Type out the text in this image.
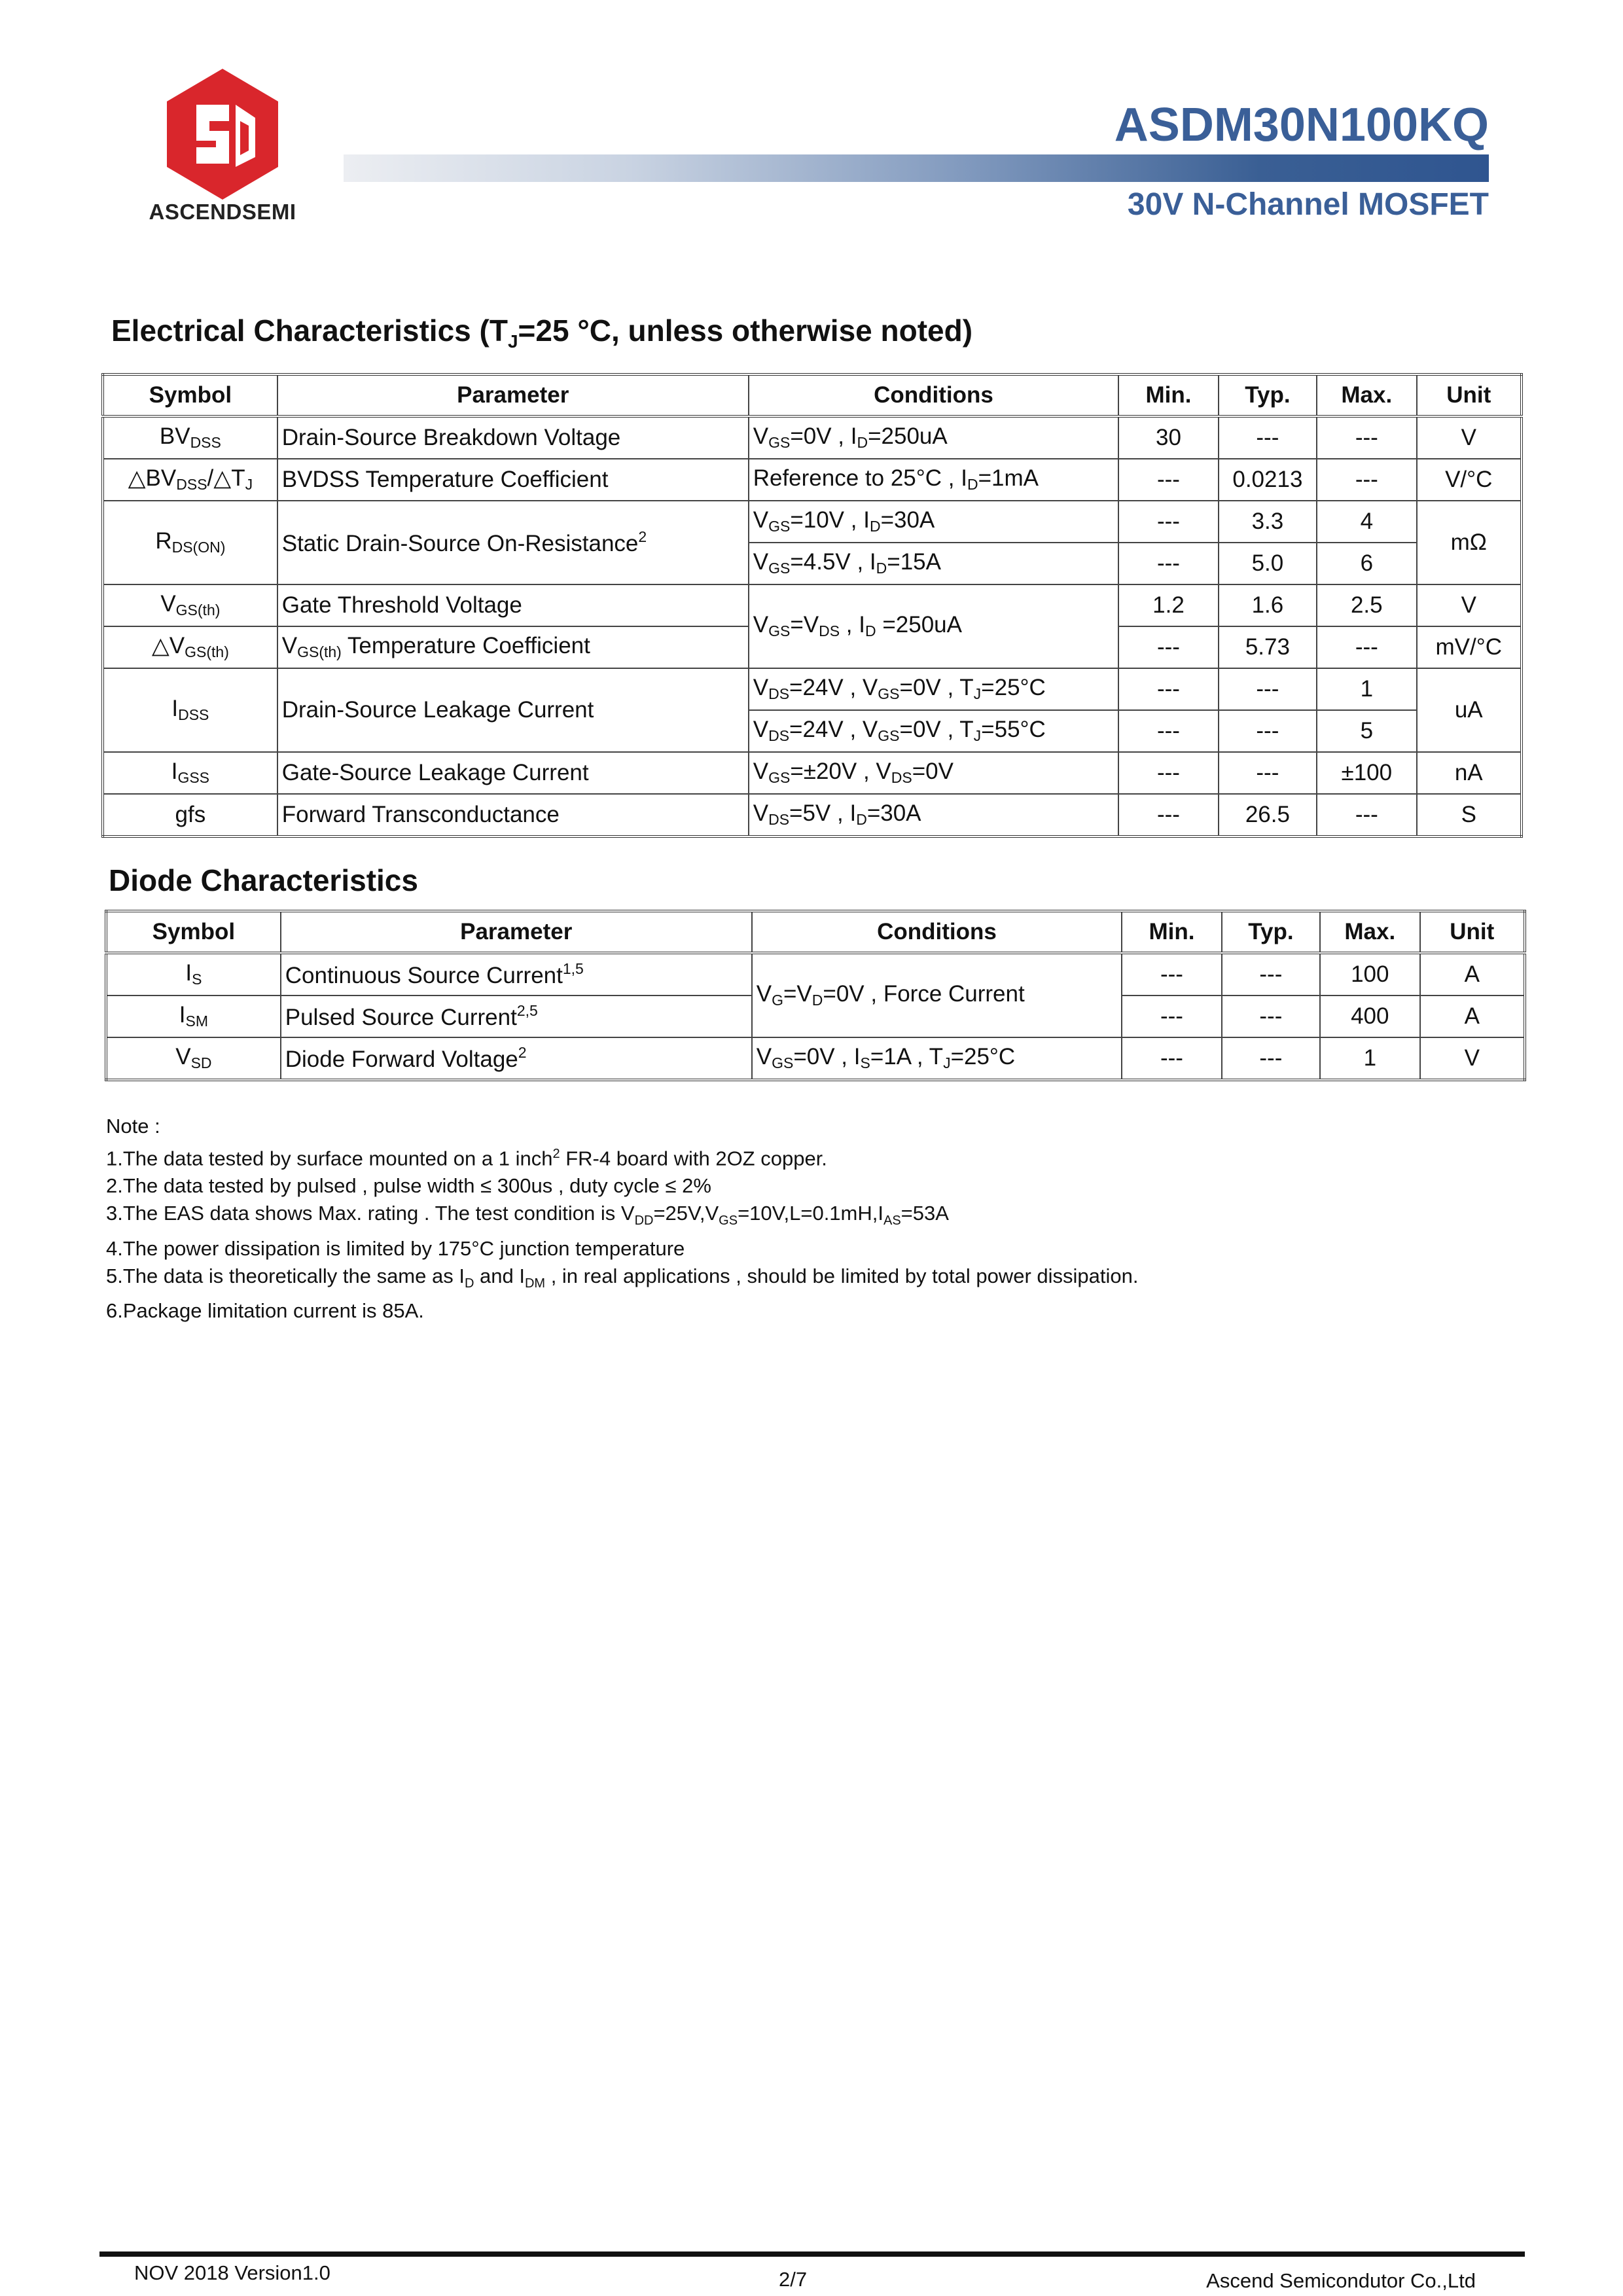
ASCENDSEMI
ASDM30N100KQ
30V N-Channel MOSFET
Electrical Characteristics ($T_J=25$ °C, unless otherwise noted)
Symbol	Parameter	Conditions	Min.	Typ.	Max.	Unit
$BV_{DSS}$	Drain-Source Breakdown Voltage	$V_{GS}=0V$ , $I_D=250uA$	30	---	---	V
$\triangle BV_{DSS}/\triangle T_J$	BVDSS Temperature Coefficient	Reference to 25°C , $I_D=1mA$	---	0.0213	---	V/°C
$R_{DS(ON)}$	Static Drain-Source On-Resistance$^2$	$V_{GS}=10V$ , $I_D=30A$	---	3.3	4	mΩ
		$V_{GS}=4.5V$ , $I_D=15A$	---	5.0	6	
$V_{GS(th)}$	Gate Threshold Voltage	$V_{GS}=V_{DS}$ , $I_D =250uA$	1.2	1.6	2.5	V
$\triangle V_{GS(th)}$	$V_{GS(th)}$ Temperature Coefficient		---	5.73	---	mV/°C
$I_{DSS}$	Drain-Source Leakage Current	$V_{DS}=24V$ , $V_{GS}=0V$ , $T_J=25^\circ C$	---	---	1	uA
		$V_{DS}=24V$ , $V_{GS}=0V$ , $T_J=55^\circ C$	---	---	5	
$I_{GSS}$	Gate-Source Leakage Current	$V_{GS}=\pm 20V$ , $V_{DS}=0V$	---	---	±100	nA
gfs	Forward Transconductance	$V_{DS}=5V$ , $I_D=30A$	---	26.5	---	S
Diode Characteristics
Symbol	Parameter	Conditions	Min.	Typ.	Max.	Unit
$I_S$	Continuous Source Current$^{1,5}$	$V_G=V_D=0V$ , Force Current	---	---	100	A
$I_{SM}$	Pulsed Source Current$^{2,5}$		---	---	400	A
$V_{SD}$	Diode Forward Voltage$^2$	$V_{GS}=0V$ , $I_S=1A$ , $T_J=25^\circ C$	---	---	1	V
Note :
1.The data tested by surface mounted on a 1 inch$^2$ FR-4 board with 2OZ copper.
2.The data tested by pulsed , pulse width ≤ 300us , duty cycle ≤ 2%
3.The EAS data shows Max. rating . The test condition is $V_{DD}=25V,V_{GS}=10V,L=0.1mH,I_{AS}=53A$
4.The power dissipation is limited by 175°C junction temperature
5.The data is theoretically the same as $I_D$ and $I_{DM}$ , in real applications , should be limited by total power dissipation.
6.Package limitation current is 85A.
NOV 2018 Version1.0	2/7	Ascend Semicondutor Co.,Ltd
